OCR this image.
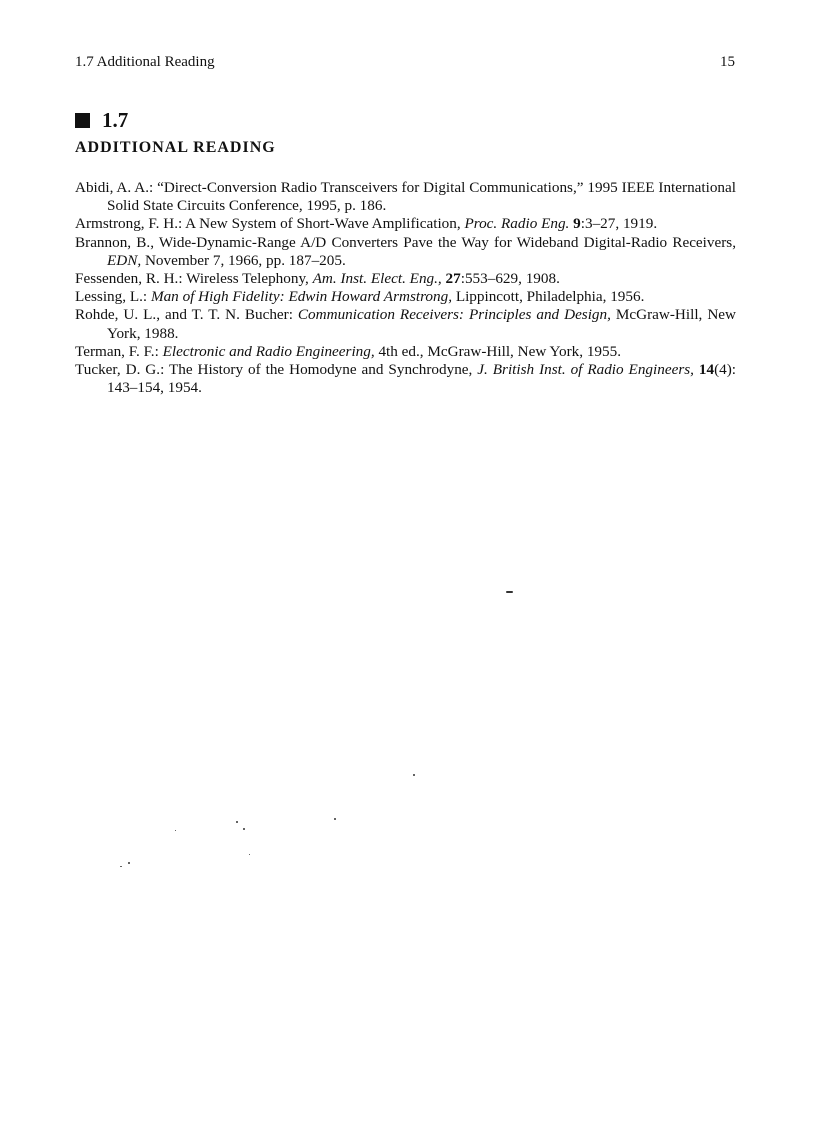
1.7 Additional Reading	15
1.7
ADDITIONAL READING
Abidi, A. A.: “Direct-Conversion Radio Transceivers for Digital Communications,” 1995 IEEE International Solid State Circuits Conference, 1995, p. 186.
Armstrong, F. H.: A New System of Short-Wave Amplification, Proc. Radio Eng. 9:3–27, 1919.
Brannon, B., Wide-Dynamic-Range A/D Converters Pave the Way for Wideband Digital-Radio Receivers, EDN, November 7, 1966, pp. 187–205.
Fessenden, R. H.: Wireless Telephony, Am. Inst. Elect. Eng., 27:553–629, 1908.
Lessing, L.: Man of High Fidelity: Edwin Howard Armstrong, Lippincott, Philadelphia, 1956.
Rohde, U. L., and T. T. N. Bucher: Communication Receivers: Principles and Design, McGraw-Hill, New York, 1988.
Terman, F. F.: Electronic and Radio Engineering, 4th ed., McGraw-Hill, New York, 1955.
Tucker, D. G.: The History of the Homodyne and Synchrodyne, J. British Inst. of Radio Engineers, 14(4): 143–154, 1954.
